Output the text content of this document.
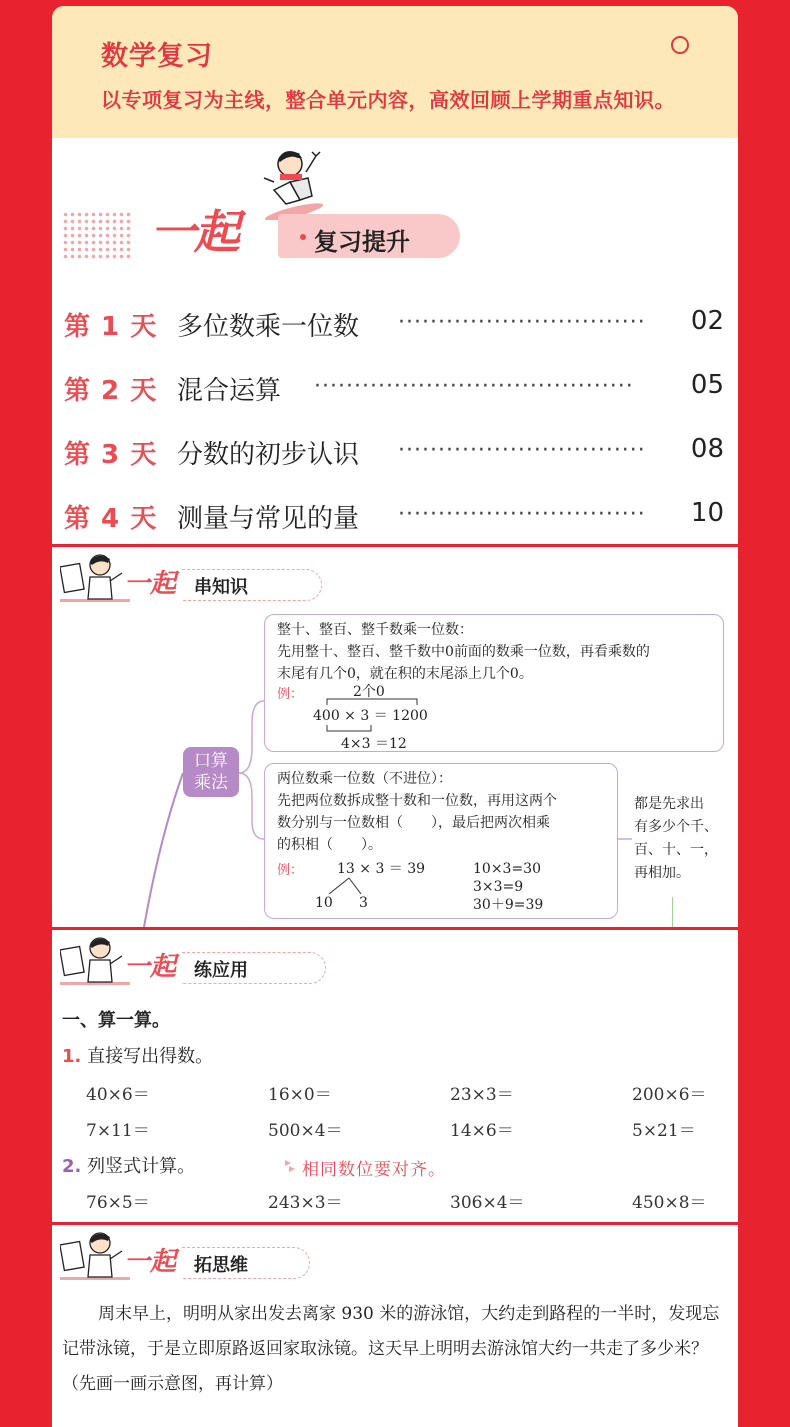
数学复习
以专项复习为主线，整合单元内容，高效回顾上学期重点知识。
一起	复习提升
第 1 天 多位数乘一位数 ·······························	02
第 2 天 混合运算 ········································	05
第 3 天 分数的初步认识 ·······························	08
第 4 天 测量与常见的量 ·······························	10
一起 串知识
口算
乘法
整十、整百、整千数乘一位数：
先用整十、整百、整千数中0前面的数乘一位数，再看乘数的
末尾有几个0，就在积的末尾添上几个0。
例：	2个0
400 × 3 ＝ 1200
4×3 ＝12
两位数乘一位数（不进位）：
先把两位数拆成整十数和一位数，再用这两个
数分别与一位数相（　　），最后把两次相乘
的积相（　　）。
例： 13 × 3 ＝ 39
10 3
10×3=30
3×3=9
30＋9=39
都是先求出
有多少个千、
百、十、一，
再相加。
一起 练应用
一、算一算。
1. 直接写出得数。
40×6＝	16×0＝	23×3＝	200×6＝
7×11＝	500×4＝	14×6＝	5×21＝
2. 列竖式计算。	相同数位要对齐。
76×5＝	243×3＝	306×4＝	450×8＝
一起 拓思维
周末早上，明明从家出发去离家 930 米的游泳馆，大约走到路程的一半时，发现忘记带泳镜，于是立即原路返回家取泳镜。这天早上明明去游泳馆大约一共走了多少米？（先画一画示意图，再计算）
